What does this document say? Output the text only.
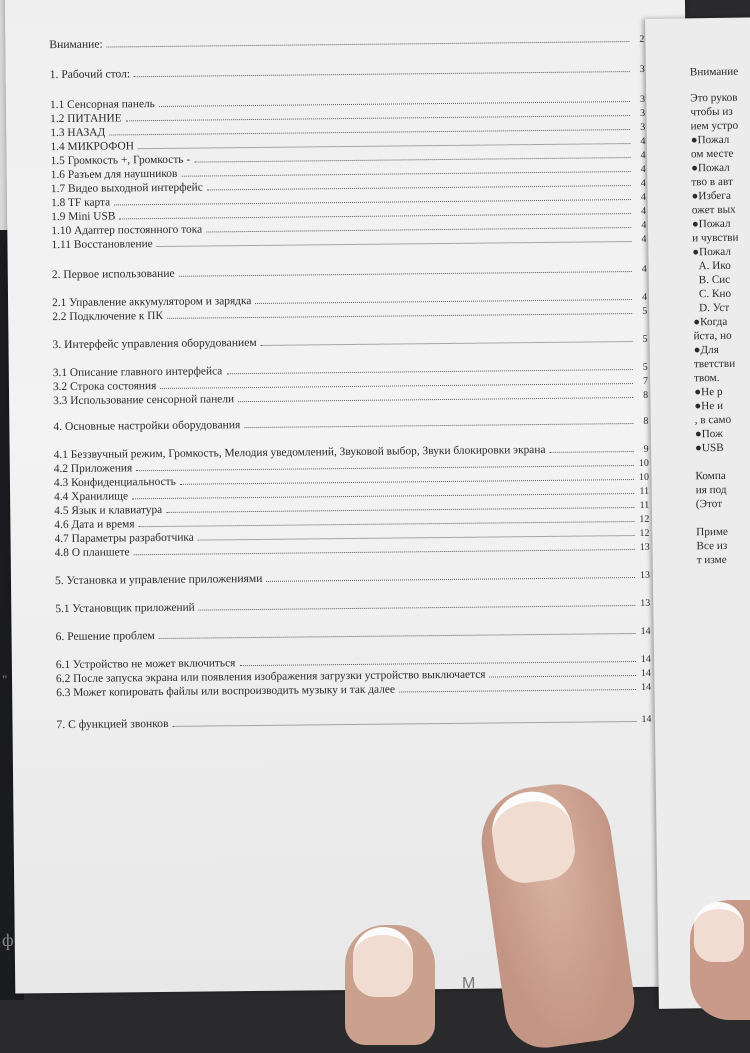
"
ф
Внимание:	2
1. Рабочий стол:	3
1.1 Сенсорная панель	3
1.2 ПИТАНИЕ	3
1.3 НАЗАД	3
1.4 МИКРОФОН	4
1.5 Громкость +, Громкость -	4
1.6 Разъем для наушников	4
1.7 Видео выходной интерфейс	4
1.8 TF карта	4
1.9 Mini USB	4
1.10 Адаптер постоянного тока	4
1.11 Восстановление	4
2. Первое использование	4
2.1 Управление аккумулятором и зарядка	4
2.2 Подключение к ПК	5
3. Интерфейс управления оборудованием	5
3.1 Описание главного интерфейса	5
3.2 Строка состояния	7
3.3 Использование сенсорной панели	8
4. Основные настройки оборудования	8
4.1 Беззвучный режим, Громкость, Мелодия уведомлений, Звуковой выбор, Звуки блокировки экрана	9
4.2 Приложения	10
4.3 Конфиденциальность	10
4.4 Хранилище	11
4.5 Язык и клавиатура	11
4.6 Дата и время	12
4.7 Параметры разработчика	12
4.8 О планшете	13
5. Установка и управление приложениями	13
5.1 Установщик приложений	13
6. Решение проблем	14
6.1 Устройство не может включиться	14
6.2 После запуска экрана или появления изображения загрузки устройство выключается	14
6.3 Может копировать файлы или воспроизводить музыку и так далее	14
7. С функцией звонков	14
Внимание
Это руков
чтобы из
ием устро
●Пожал
ом месте
●Пожал
тво в авт
●Избега
ожет вых
●Пожал
и чувстви
●Пожал
А. Ико
B. Сис
C. Кно
D. Уст
●Когда
йста, но
●Для
тветстви
твом.
●Не р
●Не и
, в само
●Пож
●USB
Компа
ия под
(Этот
Приме
Все из
т изме
M
